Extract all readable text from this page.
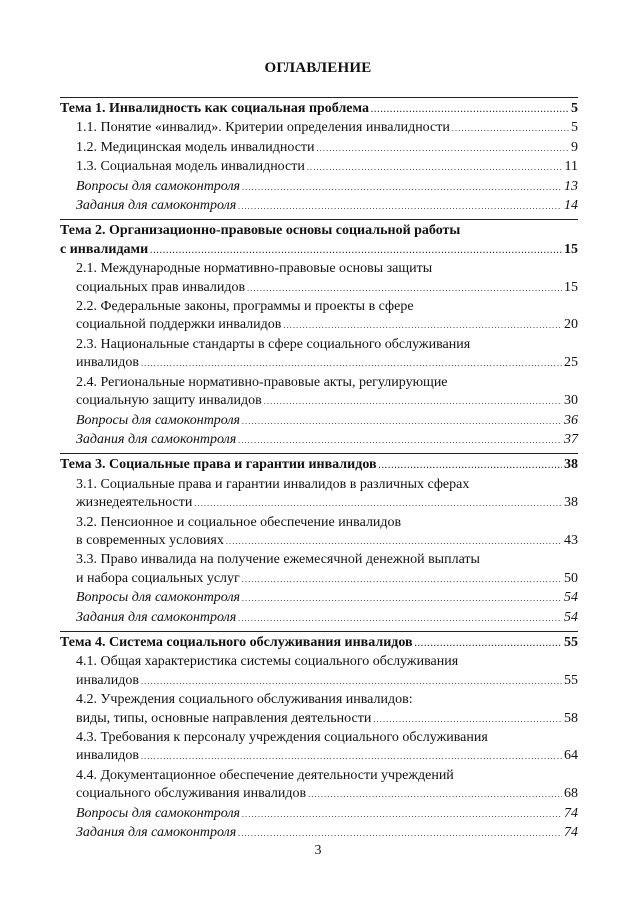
ОГЛАВЛЕНИЕ
Тема 1. Инвалидность как социальная проблема . . .	5
1.1. Понятие «инвалид». Критерии определения инвалидности . . .	5
1.2. Медицинская модель инвалидности . . .	9
1.3. Социальная модель инвалидности . . .	11
Вопросы для самоконтроля . . .	13
Задания для самоконтроля . . .	14
Тема 2. Организационно-правовые основы социальной работы
с инвалидами . . .	15
2.1. Международные нормативно-правовые основы защиты
социальных прав инвалидов . . .	15
2.2. Федеральные законы, программы и проекты в сфере
социальной поддержки инвалидов . . .	20
2.3. Национальные стандарты в сфере социального обслуживания
инвалидов . . .	25
2.4. Региональные нормативно-правовые акты, регулирующие
социальную защиту инвалидов . . .	30
Вопросы для самоконтроля . . .	36
Задания для самоконтроля . . .	37
Тема 3. Социальные права и гарантии инвалидов . . .	38
3.1. Социальные права и гарантии инвалидов в различных сферах
жизнедеятельности . . .	38
3.2. Пенсионное и социальное обеспечение инвалидов
в современных условиях . . .	43
3.3. Право инвалида на получение ежемесячной денежной выплаты
и набора социальных услуг . . .	50
Вопросы для самоконтроля . . .	54
Задания для самоконтроля . . .	54
Тема 4. Система социального обслуживания инвалидов . . .	55
4.1. Общая характеристика системы социального обслуживания
инвалидов . . .	55
4.2. Учреждения социального обслуживания инвалидов:
виды, типы, основные направления деятельности . . .	58
4.3. Требования к персоналу учреждения социального обслуживания
инвалидов . . .	64
4.4. Документационное обеспечение деятельности учреждений
социального обслуживания инвалидов . . .	68
Вопросы для самоконтроля . . .	74
Задания для самоконтроля . . .	74
3
